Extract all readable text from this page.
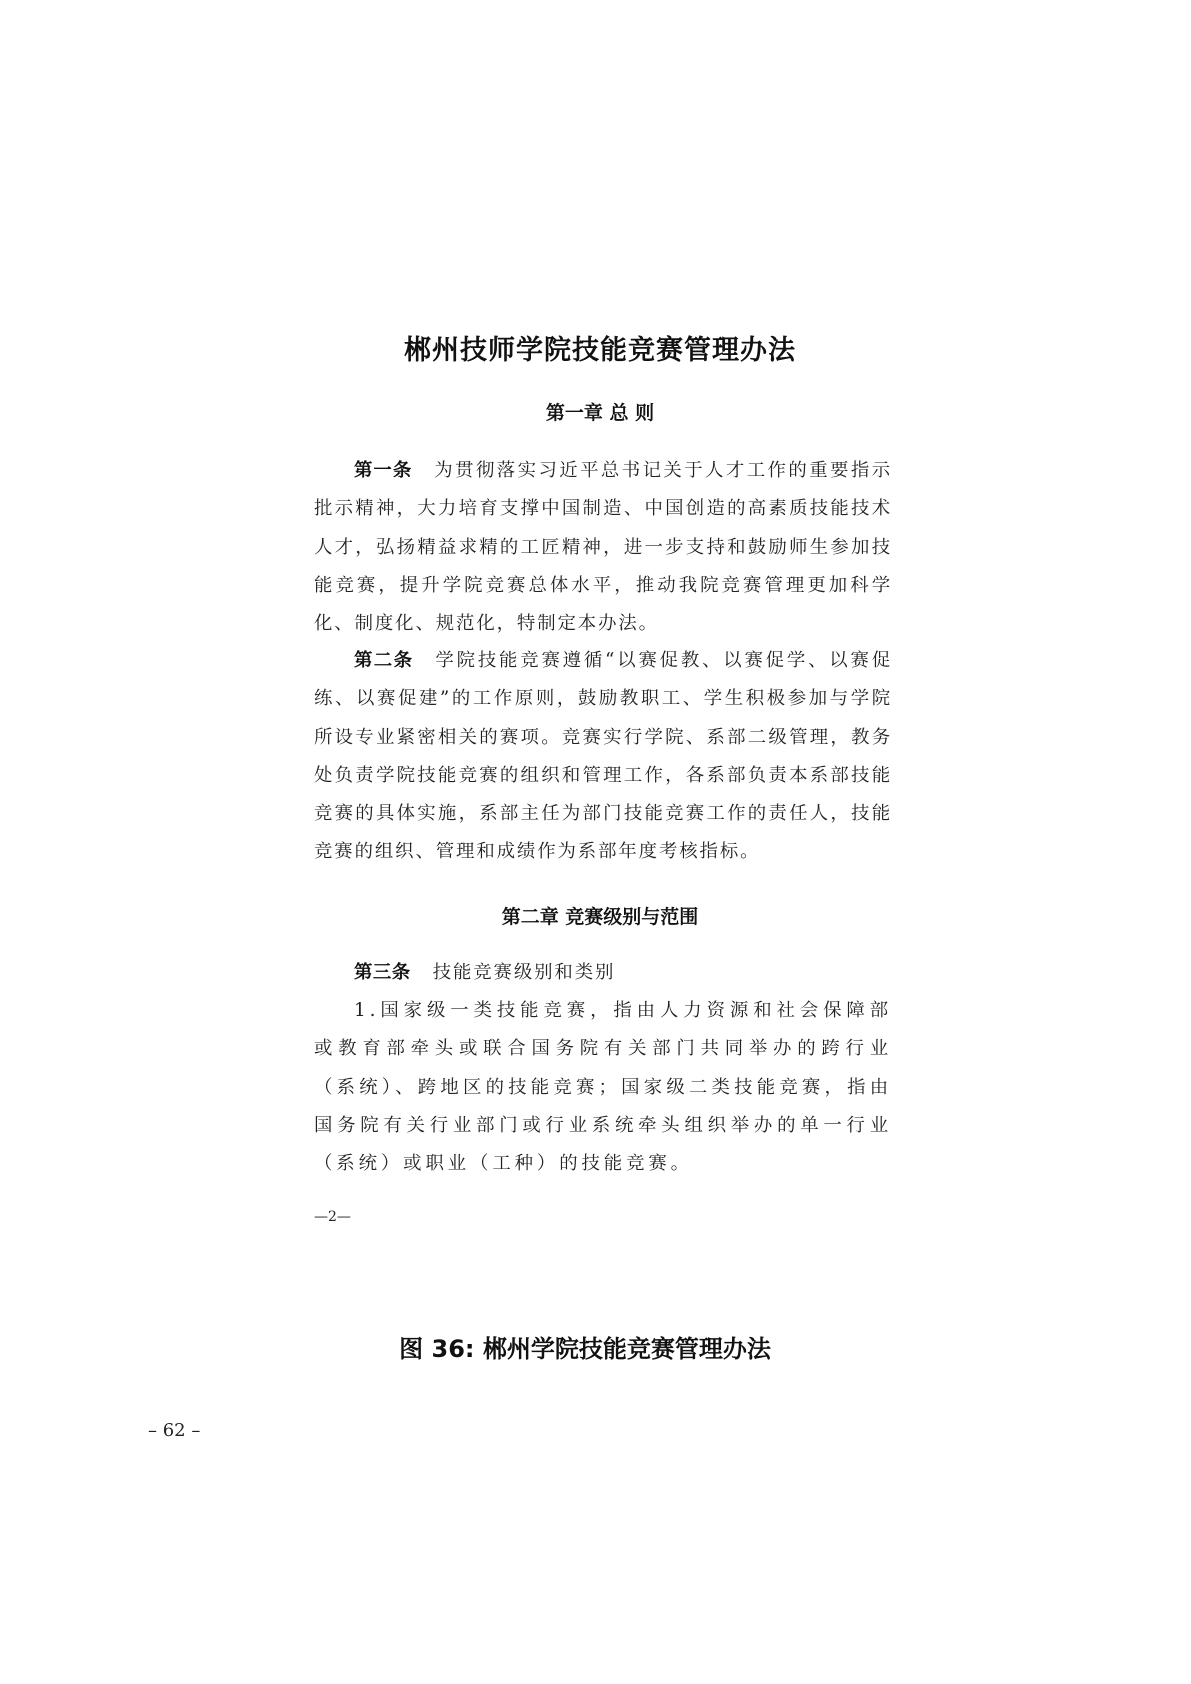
郴州技师学院技能竞赛管理办法
第一章 总 则

第一条 为贯彻落实习近平总书记关于人才工作的重要指示批示精神，大力培育支撑中国制造、中国创造的高素质技能技术人才，弘扬精益求精的工匠精神，进一步支持和鼓励师生参加技能竞赛，提升学院竞赛总体水平，推动我院竞赛管理更加科学化、制度化、规范化，特制定本办法。

第二条 学院技能竞赛遵循“以赛促教、以赛促学、以赛促练、以赛促建”的工作原则，鼓励教职工、学生积极参加与学院所设专业紧密相关的赛项。竞赛实行学院、系部二级管理，教务处负责学院技能竞赛的组织和管理工作，各系部负责本系部技能竞赛的具体实施，系部主任为部门技能竞赛工作的责任人，技能竞赛的组织、管理和成绩作为系部年度考核指标。

第二章 竞赛级别与范围

第三条 技能竞赛级别和类别

1.国家级一类技能竞赛，指由人力资源和社会保障部或教育部牵头或联合国务院有关部门共同举办的跨行业（系统）、跨地区的技能竞赛；国家级二类技能竞赛，指由国务院有关行业部门或行业系统牵头组织举办的单一行业（系统）或职业（工种）的技能竞赛。

—2—
图 36: 郴州学院技能竞赛管理办法
– 62 –
